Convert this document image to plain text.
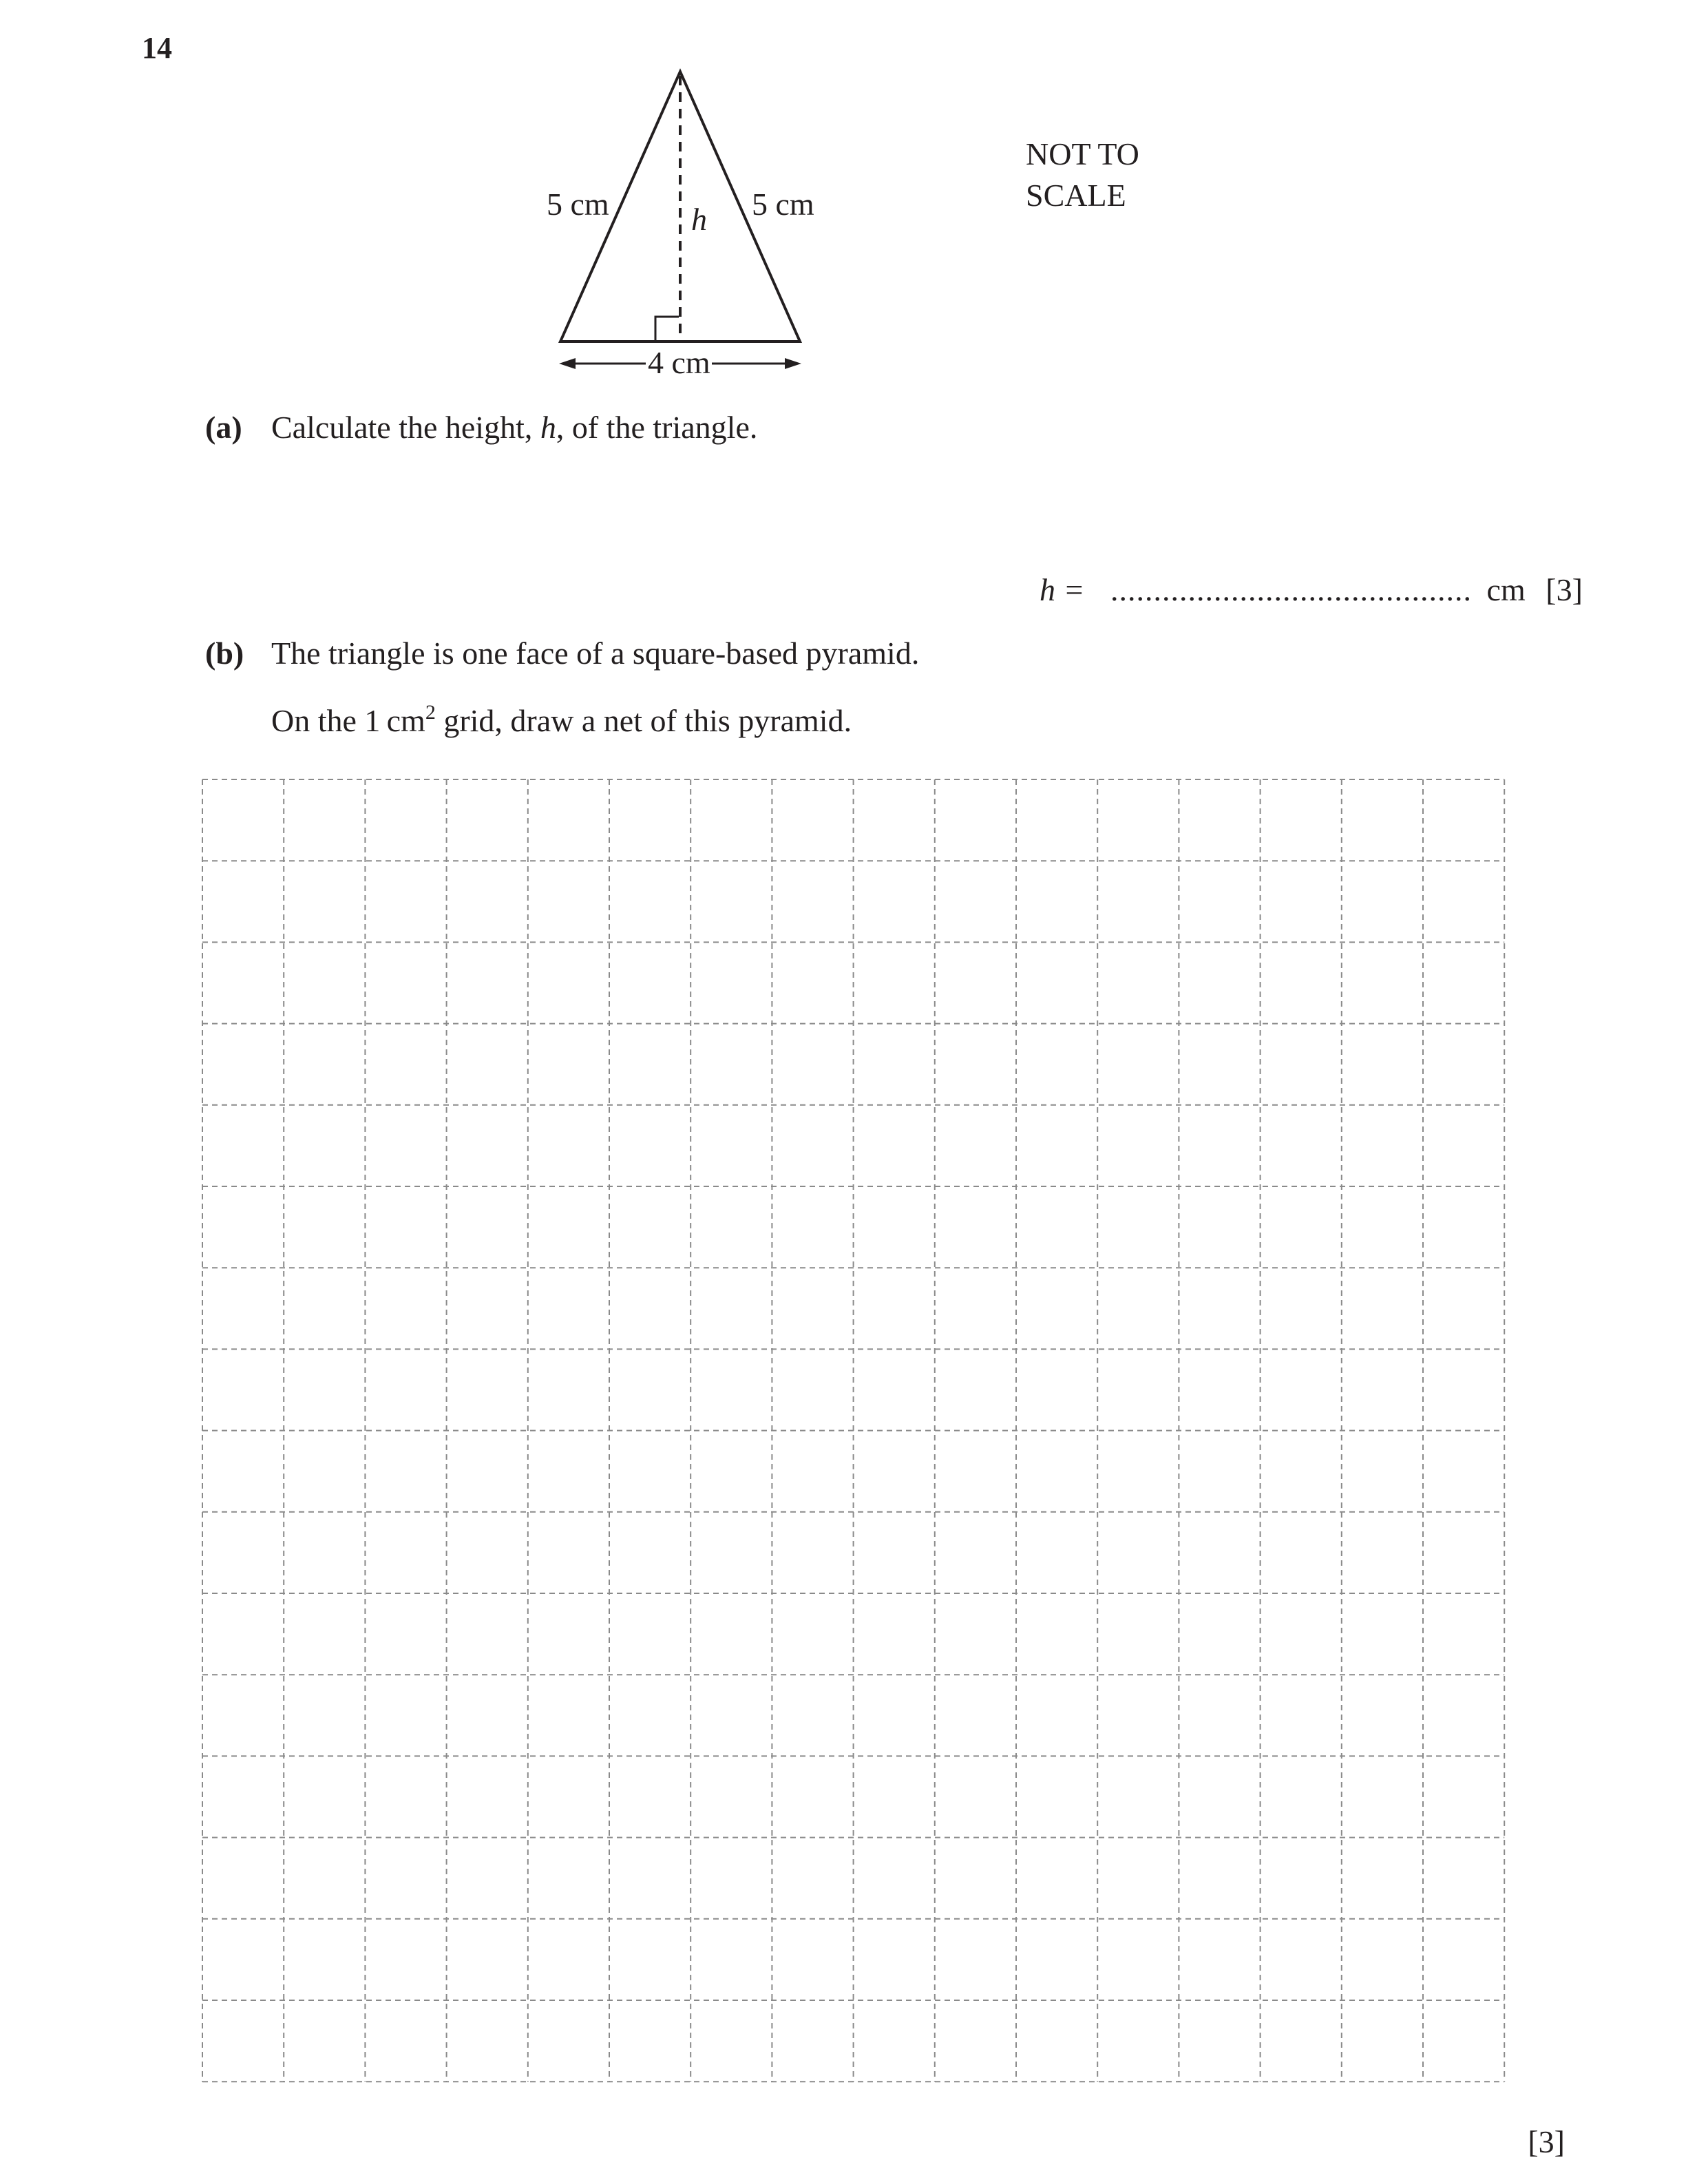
14
5 cm	5 cm
h
4 cm
NOT TO
SCALE
(a) Calculate the height, h, of the triangle.
h = .......................................... cm [3]
(b) The triangle is one face of a square-based pyramid.
On the 1 $cm^2$ grid, draw a net of this pyramid.
[3]
